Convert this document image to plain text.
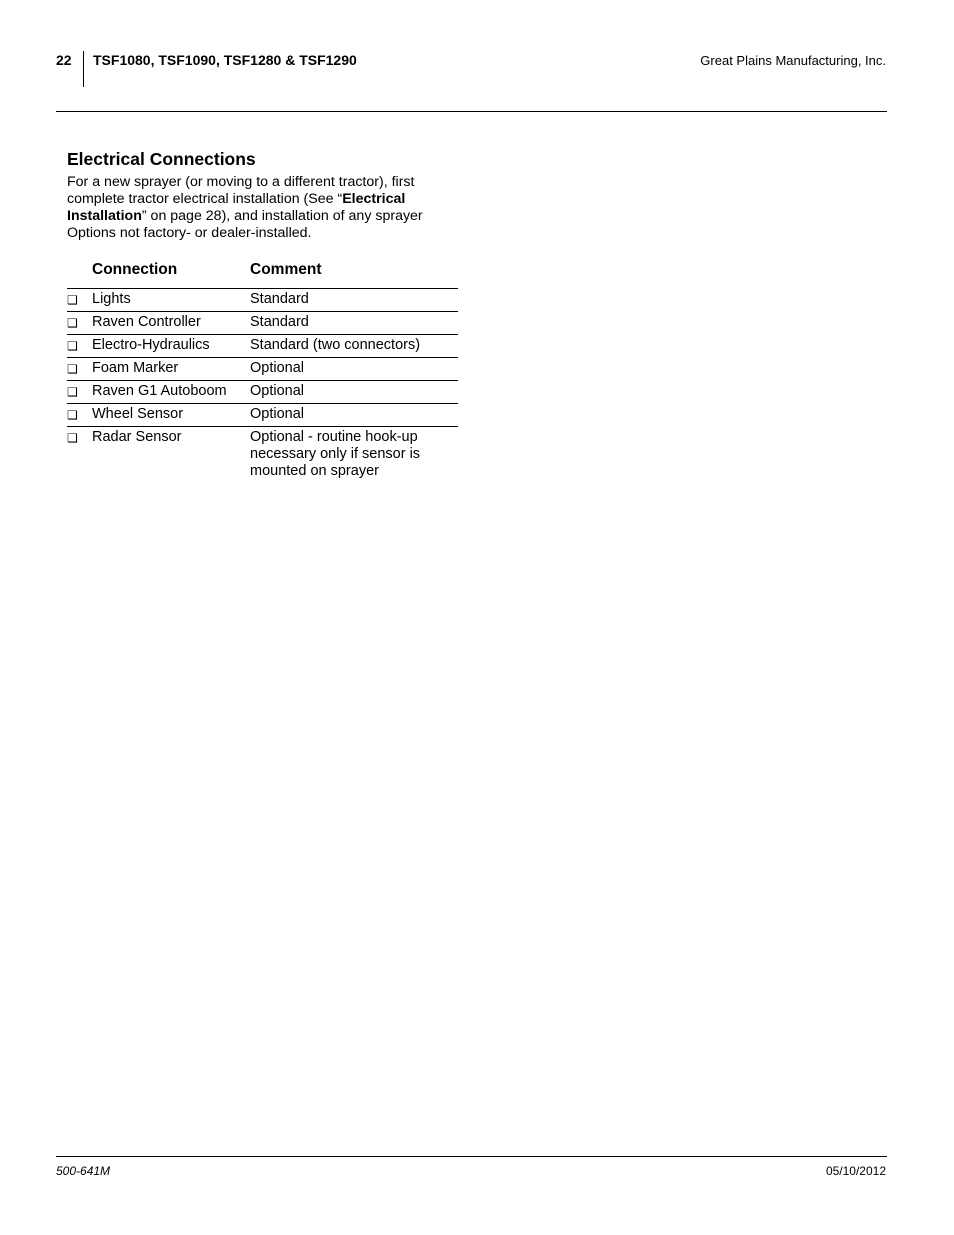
22 TSF1080, TSF1090, TSF1280 & TSF1290	Great Plains Manufacturing, Inc.
Electrical Connections

For a new sprayer (or moving to a different tractor), first complete tractor electrical installation (See “Electrical Installation” on page 28), and installation of any sprayer Options not factory- or dealer-installed.

Connection	Comment
❑ Lights	Standard
❑ Raven Controller	Standard
❑ Electro-Hydraulics	Standard (two connectors)
❑ Foam Marker	Optional
❑ Raven G1 Autoboom	Optional
❑ Wheel Sensor	Optional
❑ Radar Sensor	Optional - routine hook-up necessary only if sensor is mounted on sprayer
500-641M	05/10/2012
